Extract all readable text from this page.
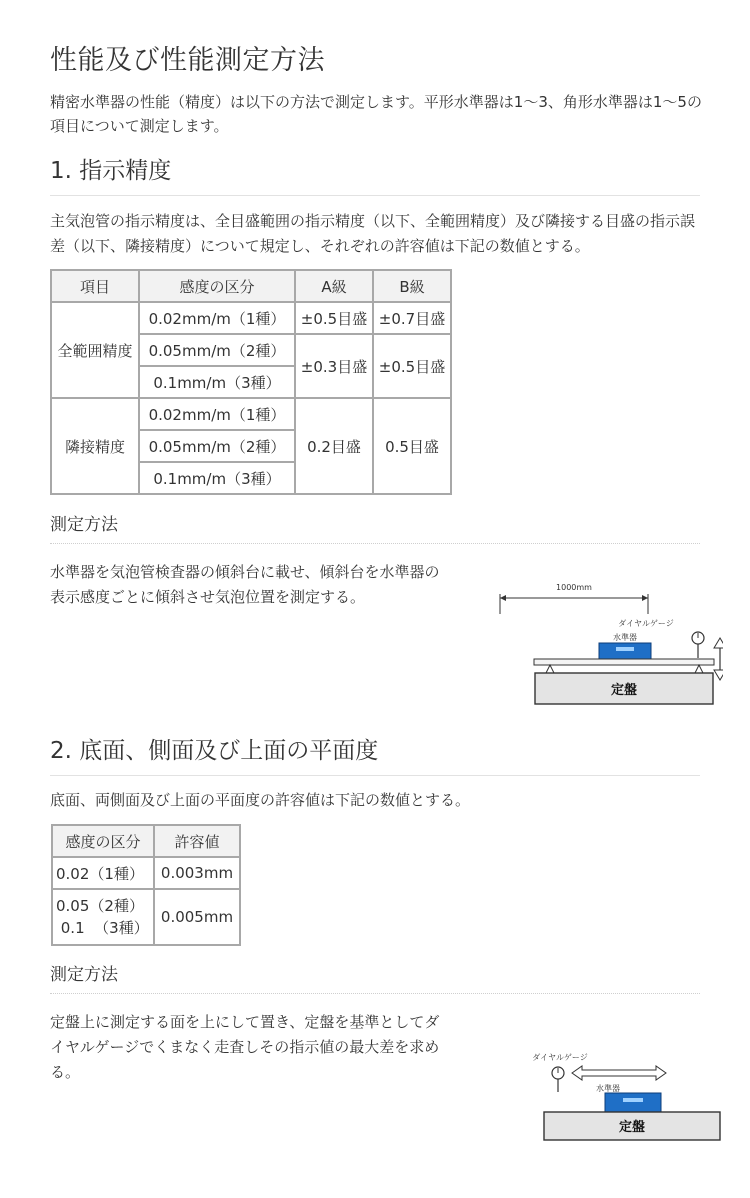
性能及び性能測定方法

精密水準器の性能（精度）は以下の方法で測定します。平形水準器は1～3、角形水準器は1～5の項目について測定します。

1. 指示精度

主気泡管の指示精度は、全目盛範囲の指示精度（以下、全範囲精度）及び隣接する目盛の指示誤差（以下、隣接精度）について規定し、それぞれの許容値は下記の数値とする。

項目	感度の区分	A級	B級
全範囲精度	0.02mm/m（1種）	±0.5目盛	±0.7目盛
	0.05mm/m（2種）	±0.3目盛	±0.5目盛
	0.1mm/m（3種）		
隣接精度	0.02mm/m（1種）	0.2目盛	0.5目盛
	0.05mm/m（2種）		
	0.1mm/m（3種）		
測定方法

水準器を気泡管検査器の傾斜台に載せ、傾斜台を水準器の表示感度ごとに傾斜させ気泡位置を測定する。

1000mm
ダイヤルゲージ
水準器
定盤
2. 底面、側面及び上面の平面度

底面、両側面及び上面の平面度の許容値は下記の数値とする。

感度の区分	許容値
0.02（1種）	0.003mm

0.05（2種）
0.1  （3種）	0.005mm
測定方法

定盤上に測定する面を上にして置き、定盤を基準としてダイヤルゲージでくまなく走査しその指示値の最大差を求める。

ダイヤルゲージ
水準器
定盤
